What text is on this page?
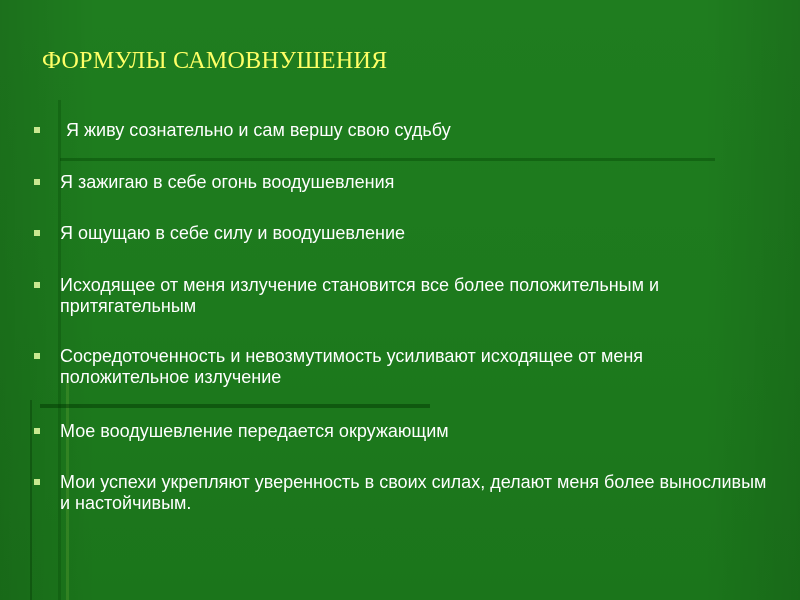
ФОРМУЛЫ САМОВНУШЕНИЯ
Я живу сознательно и сам вершу свою судьбу
Я зажигаю в себе огонь воодушевления
Я ощущаю в себе силу и воодушевление
Исходящее от меня излучение становится все более положительным и притягательным
Сосредоточенность и невозмутимость усиливают исходящее от меня положительное излучение
Мое воодушевление передается окружающим
Мои успехи укрепляют уверенность в своих силах, делают меня более выносливым и настойчивым.
